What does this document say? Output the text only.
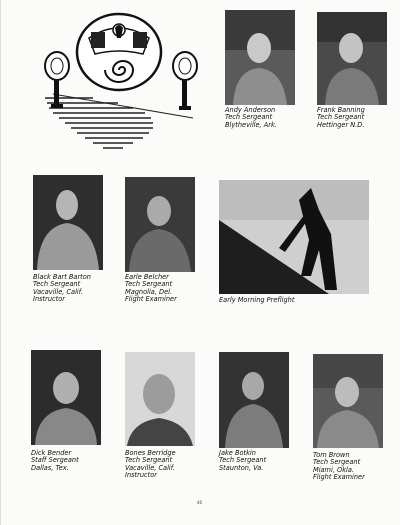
Andy Anderson
Tech Sergeant
Blytheville, Ark.
Frank Banning
Tech Sergeant
Hettinger N.D.
Black Bart Barton
Tech Sergeant
Vacaville, Calif.
Instructor
Earle Belcher
Tech Sergeant
Magnolia, Del.
Flight Examiner	Early Morning Preflight
Dick Bender
Staff Sergeant
Dallas, Tex.
Bones Berridge
Tech Sergeant
Vacaville, Calif.
Instructor
Jake Botkin
Tech Sergeant
Staunton, Va.
Tom Brown
Tech Sergeant
Miami, Okla.
Flight Examiner
46
